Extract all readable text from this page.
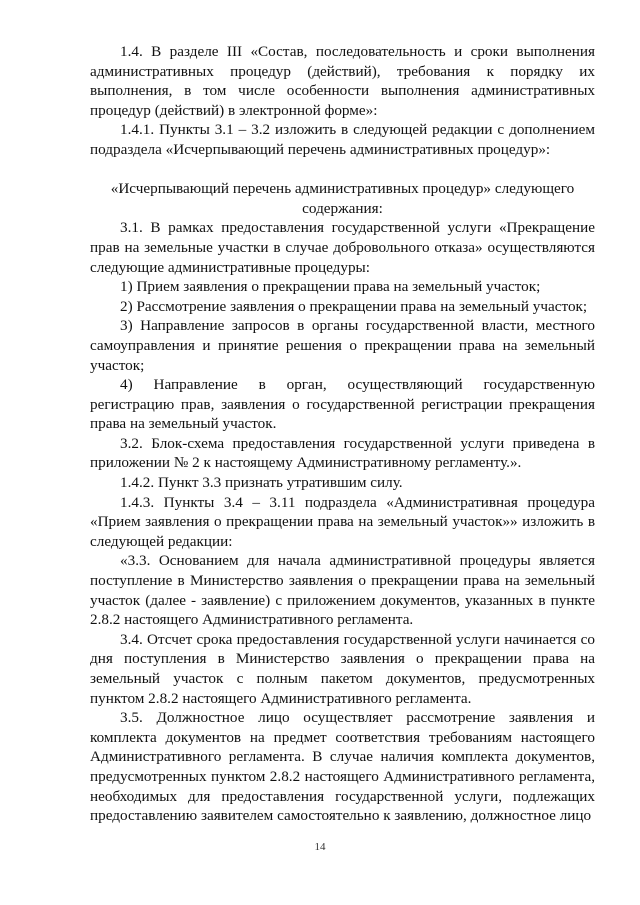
1.4. В разделе III «Состав, последовательность и сроки выполнения административных процедур (действий), требования к порядку их выполнения, в том числе особенности выполнения административных процедур (действий) в электронной форме»:

1.4.1. Пункты 3.1 – 3.2 изложить в следующей редакции с дополнением подраздела «Исчерпывающий перечень административных процедур»:

«Исчерпывающий перечень административных процедур» следующего содержания:

3.1. В рамках предоставления государственной услуги «Прекращение прав на земельные участки в случае добровольного отказа» осуществляются следующие административные процедуры:

1) Прием заявления о прекращении права на земельный участок;

2) Рассмотрение заявления о прекращении права на земельный участок;

3) Направление запросов в органы государственной власти, местного самоуправления и принятие решения о прекращении права на земельный участок;

4) Направление в орган, осуществляющий государственную регистрацию прав, заявления о государственной регистрации прекращения права на земельный участок.

3.2. Блок-схема предоставления государственной услуги приведена в приложении № 2 к настоящему Административному регламенту.».

1.4.2. Пункт 3.3 признать утратившим силу.

1.4.3. Пункты 3.4 – 3.11 подраздела «Административная процедура «Прием заявления о прекращении права на земельный участок»» изложить в следующей редакции:

«3.3. Основанием для начала административной процедуры является поступление в Министерство заявления о прекращении права на земельный участок (далее - заявление) с приложением документов, указанных в пункте 2.8.2 настоящего Административного регламента.

3.4. Отсчет срока предоставления государственной услуги начинается со дня поступления в Министерство заявления о прекращении права на земельный участок с полным пакетом документов, предусмотренных пунктом 2.8.2 настоящего Административного регламента.

3.5. Должностное лицо осуществляет рассмотрение заявления и комплекта документов на предмет соответствия требованиям настоящего Административного регламента. В случае наличия комплекта документов, предусмотренных пунктом 2.8.2 настоящего Административного регламента, необходимых для предоставления государственной услуги, подлежащих предоставлению заявителем самостоятельно к заявлению, должностное лицо

14
